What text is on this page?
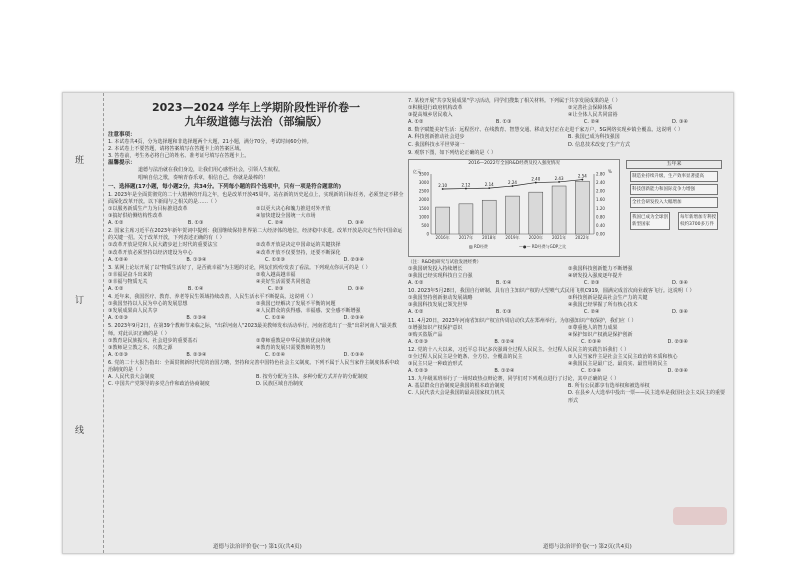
班
订
线
2023—2024 学年上学期阶段性评价卷一
九年级道德与法治（部编版）
注意事项：
1. 本试卷共4页，分为选择题和非选择题两个大题，21小题，满分70分，考试时间60分钟。
2. 本试卷上不要答题，请将答案填写在答题卡上的答案区域。
3. 答卷前，考生务必将自己的姓名、准考证号填写在答题卡上。
温馨提示：
道德与法治就在我们身边，让我们用心感悟社会，引领人生航程。
唱响自信之歌，奏响青春乐章，相信自己，你就是最棒的！
一、选择题(17小题，每小题2分，共34分。下列每小题的四个选项中，只有一项是符合题意的)
1. 2023年是全面贯彻党的二十大精神的开局之年，也是改革开放45周年。站在新的历史起点上，实现新的目标任务，必须坚定不移全面深化改革开放。以下新闻与之相关的是……（ ）
①以服务新质生产力为目标推进改革	②以更大决心和魄力推进对外开放
③搞好供给侧结构性改革	④加快建设全国统一大市场
A. ①②	B. ①③	C. ②④	D. ③④
2. 国家主席习近平在2023年新年贺词中提到：我国继续保持世界第二大经济体的地位，经济稳中求进。改革开放是决定当代中国命运的关键一招。关于改革开放，下列表述正确的有（ ）
①改革开放是党和人民大踏步赶上时代的重要法宝	②改革开放是决定中国命运的关键抉择
③改革开放必须坚持以经济建设为中心	④改革开放不仅要坚持，还要不断深化
A. ①②④	B. ①③④	C. ①②③	D. ②③④
3. 某网上论坛开展了以"物质生活好了，是否就幸福"为主题的讨论，网友们纷纷发表了看法。下列观点你认可的是（ ）
①幸福是奋斗出来的	②收入越高越幸福
③幸福与物质无关	④美好生活需要共同创造
A. ①②	B. ①④	C. ②③	D. ③④
4. 近年来，我国医疗、教育、养老等民生领域持续改善，人民生活水平不断提高。这说明（ ）
①我国坚持以人民为中心的发展思想	②我国已经解决了发展不平衡的问题
③发展成果由人民共享	④人民群众的获得感、幸福感、安全感不断增强
A. ①②③	B. ①③④	C. ①②④	D. ②③④
5. 2023年9月2日，在第39个教师节来临之际，"出彩河南人"2023最美教师发布活动举行，河南省选出了一批"出彩河南人"最美教师。对此认识正确的是（ ）
①教育是民族振兴、社会进步的重要基石	②尊师重教是中华民族的优良传统
③教师是立教之本、兴教之源	④教育的发展只需要教师的努力
A. ①②③	B. ②③④	C. ①②④	D. ①③④
6. 党的二十大报告指出：全面贯彻新时代党的治国方略，坚持和完善中国特色社会主义制度。下列不属于人民当家作主制度体系中政治制度的是（ ）
A. 人民代表大会制度	B. 按劳分配为主体、多种分配方式并存的分配制度
C. 中国共产党领导的多党合作和政治协商制度	D. 民族区域自治制度
7. 某校开展"共享发展成果"学习活动，同学们搜集了相关材料。下列属于共享发展成果的是（ ）
①积极进行政府机构改革	②完善社会保障体系
③提高城乡居民收入	④让全体人民共同富裕
A. ①②	B. ①③	C. ②④	D. ③④
8. 数字赋能美好生活：远程医疗、在线教育、智慧交通、移动支付正在走进千家万户，5G网络实现乡镇全覆盖。这说明（ ）
A. 科技创新推动社会进步	B. 我国已成为科技强国
C. 我国科技水平世界第一	D. 信息技术改变了生产方式
9. 观察下图，如下列结论正确的是（ ）
2016—2022年全国R&D经费及投入强度情况
0
500
1000
1500
2000
2500
3000
3500
0.00
0.40
0.80
1.20
1.60
2.00
2.40
2.80
亿元	%
2.10
2016年
2.12
2017年
2.14
2018年
2.24
2019年
2.40
2020年
2.43
2021年
2.54
2022年
▨ RD经费	—●— RD经费与GDP之比
五年来
制造业持续升级、生产效率显著提高
科技创新能力和国际竞争力增强
全社会研发投入大幅增加
我国已成为全球创新型国家
每年新增加专利授权约3700多万件
（注：R&D指研究与试验发展经费）
①我国研发投入持续增长	②我国科技创新能力不断增强
③我国已经实现科技自立自强	④研发投入强度逐年提升
A. ①②	B. ①④	C. ②③	D. ③④
10. 2023年5月28日，我国自行研制、具有自主知识产权的大型喷气式民用飞机C919，圆满完成首次商业载客飞行。这说明（ ）
①我国坚持创新驱动发展战略	②科技创新是提高社会生产力的关键
③我国科技发展已领先世界	④我国已经掌握了所有核心技术
A. ①②	B. ①③	C. ②④	D. ③④
11. 4月20日，2023年河南省知识产权宣传周启动仪式在郑州举行。为加强知识产权保护，我们应（ ）
①增强知识产权保护意识	②尊重他人的智力成果
③购买盗版产品	④保护知识产权就是保护创新
A. ①②③	B. ①②④	C. ①③④	D. ②③④
12. 党的十八大以来，习近平总书记多次强调全过程人民民主。全过程人民民主的实践告诉我们（ ）
①全过程人民民主是全链条、全方位、全覆盖的民主	②人民当家作主是社会主义民主政治的本质和核心
③民主只是一种政治形式	④我国民主是最广泛、最真实、最管用的民主
A. ①②③	B. ①②④	C. ①③④	D. ②③④
13. 九年级某班举行了一场时政热点辩论赛，同学们对下列观点进行了讨论，其中正确的是（ ）
A. 基层群众自治制度是我国的根本政治制度	B. 所有公民都享有选举权和被选举权
C. 人民代表大会是我国的最高国家权力机关	D. 在县乡人大选举中投出一票——民主选举是我国社会主义民主的重要形式
道德与法治评价卷(一) 第1页(共4页)	道德与法治评价卷(一) 第2页(共4页)
